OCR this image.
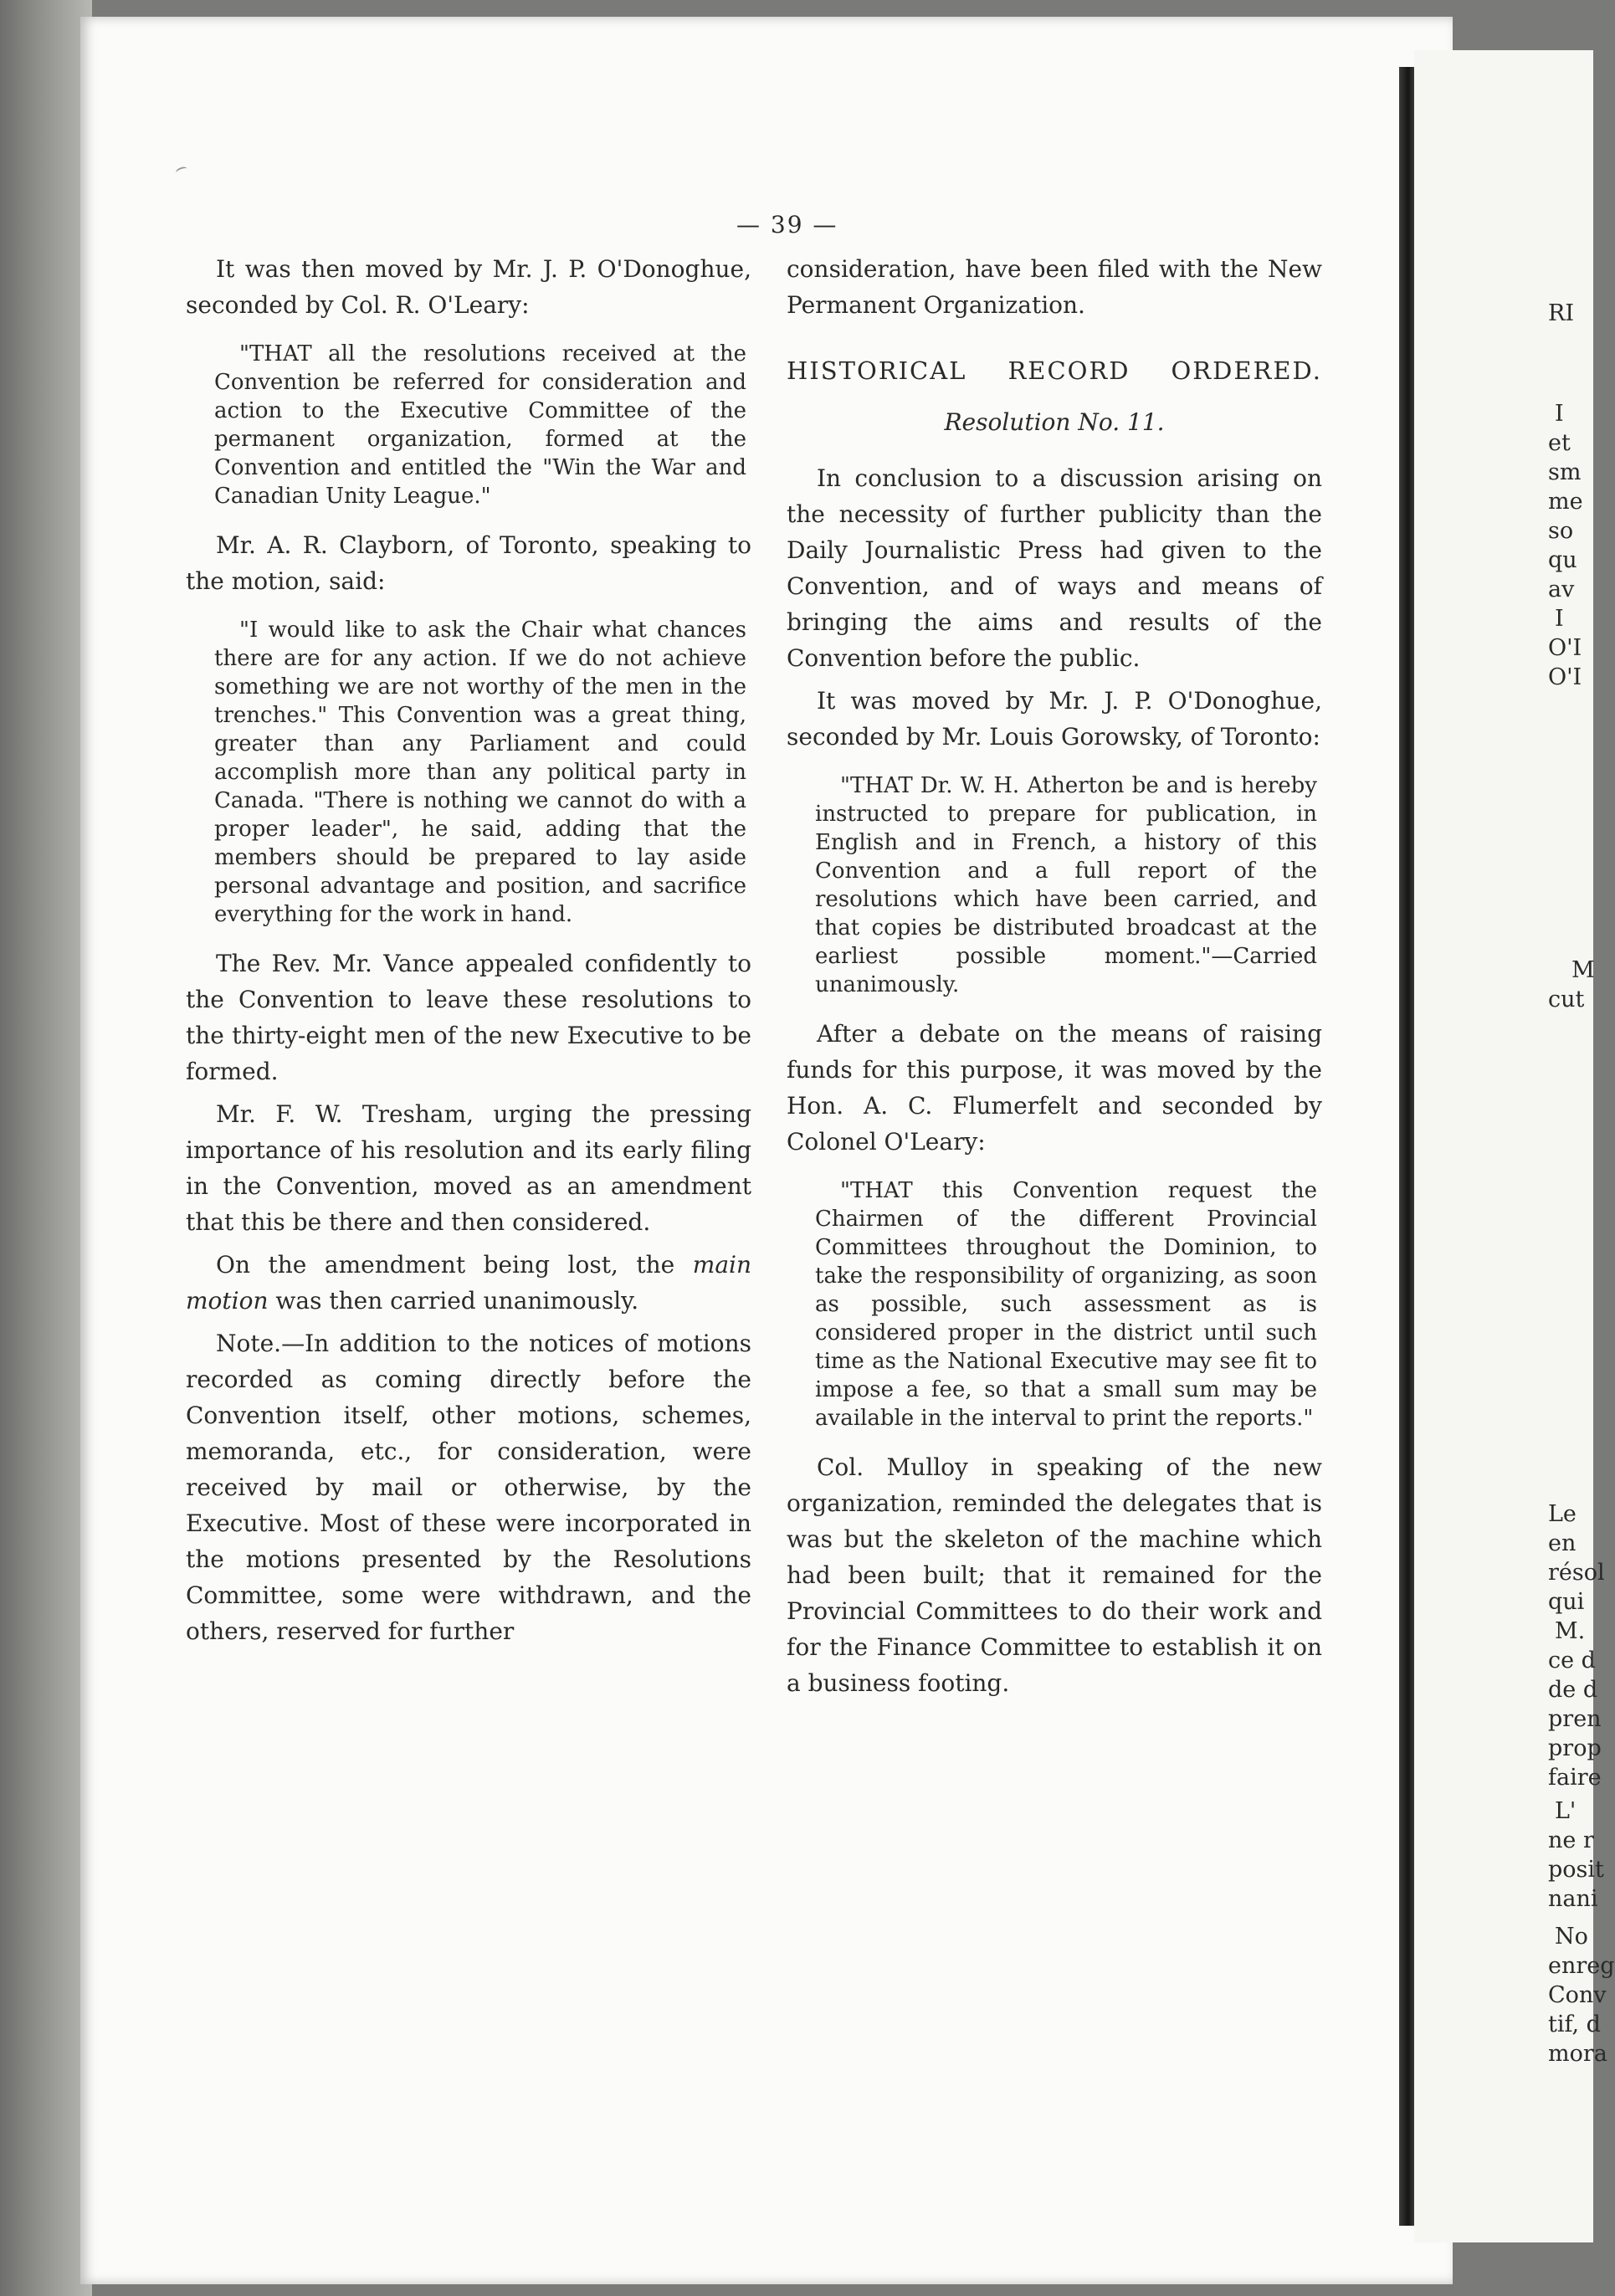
— 39 —

It was then moved by Mr. J. P. O'Donoghue, seconded by Col. R. O'Leary:

"THAT all the resolutions received at the Convention be referred for consideration and action to the Executive Committee of the permanent organization, formed at the Convention and entitled the "Win the War and Canadian Unity League."

Mr. A. R. Clayborn, of Toronto, speaking to the motion, said:

"I would like to ask the Chair what chances there are for any action. If we do not achieve something we are not worthy of the men in the trenches." This Convention was a great thing, greater than any Parliament and could accomplish more than any political party in Canada. "There is nothing we cannot do with a proper leader", he said, adding that the members should be prepared to lay aside personal advantage and position, and sacrifice everything for the work in hand.

The Rev. Mr. Vance appealed confidently to the Convention to leave these resolutions to the thirty-eight men of the new Executive to be formed.

Mr. F. W. Tresham, urging the pressing importance of his resolution and its early filing in the Convention, moved as an amendment that this be there and then considered.

On the amendment being lost, the main motion was then carried unanimously.

Note.—In addition to the notices of motions recorded as coming directly before the Convention itself, other motions, schemes, memoranda, etc., for consideration, were received by mail or otherwise, by the Executive. Most of these were incorporated in the motions presented by the Resolutions Committee, some were withdrawn, and the others, reserved for further

consideration, have been filed with the New Permanent Organization.

HISTORICAL RECORD ORDERED.
Resolution No. 11.

In conclusion to a discussion arising on the necessity of further publicity than the Daily Journalistic Press had given to the Convention, and of ways and means of bringing the aims and results of the Convention before the public.

It was moved by Mr. J. P. O'Donoghue, seconded by Mr. Louis Gorowsky, of Toronto:

"THAT Dr. W. H. Atherton be and is hereby instructed to prepare for publication, in English and in French, a history of this Convention and a full report of the resolutions which have been carried, and that copies be distributed broadcast at the earliest possible moment."—Carried unanimously.

After a debate on the means of raising funds for this purpose, it was moved by the Hon. A. C. Flumerfelt and seconded by Colonel O'Leary:

"THAT this Convention request the Chairmen of the different Provincial Committees throughout the Dominion, to take the responsibility of organizing, as soon as possible, such assessment as is considered proper in the district until such time as the National Executive may see fit to impose a fee, so that a small sum may be available in the interval to print the reports."

Col. Mulloy in speaking of the new organization, reminded the delegates that is was but the skeleton of the machine which had been built; that it remained for the Provincial Committees to do their work and for the Finance Committee to establish it on a business footing.

RI
I
et
sm
me
so
qu
av
I
O'I
O'I
M
cut
Le
en
résol
qui
M.
ce d
de d
pren
prop
faire
L'
ne r
posit
nani
No
enreg
Conv
tif, d
mora
